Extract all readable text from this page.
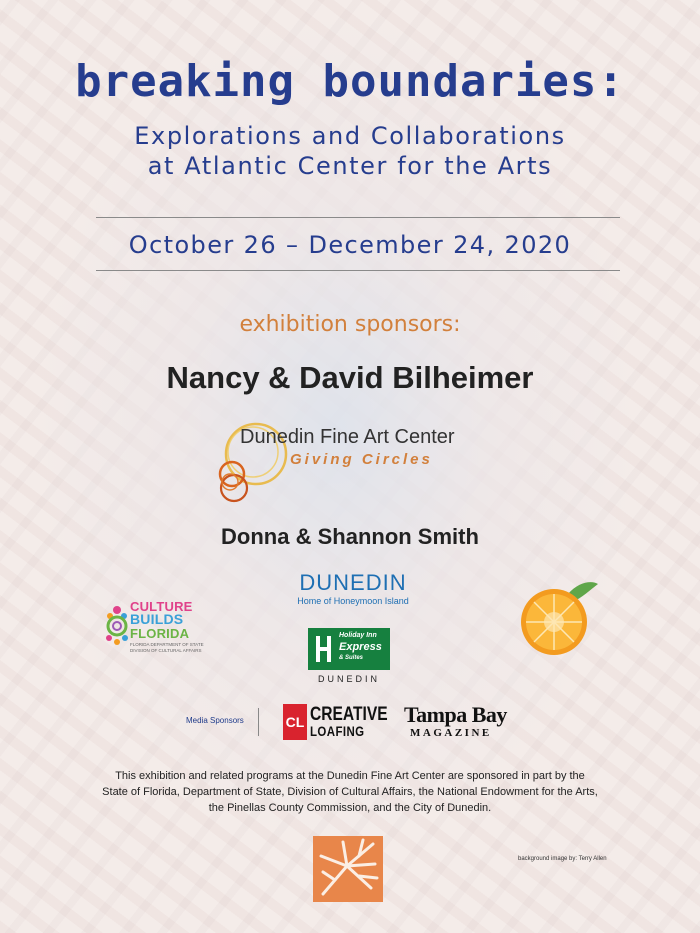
breaking boundaries:
Explorations and Collaborations
at Atlantic Center for the Arts
October 26 – December 24, 2020
exhibition sponsors:
Nancy & David Bilheimer
Dunedin Fine Art Center
Giving Circles
Donna & Shannon Smith
DUNEDIN
Home of Honeymoon Island
CULTURE
BUILDS
FLORIDA
FLORIDA DEPARTMENT OF STATE
DIVISION OF CULTURAL AFFAIRS
Holiday Inn
Express
& Suites
DUNEDIN
Media Sponsors	CL CREATIVE
LOAFING
Tampa Bay
MAGAZINE
This exhibition and related programs at the Dunedin Fine Art Center are sponsored in part by the
State of Florida, Department of State, Division of Cultural Affairs, the National Endowment for the Arts,
the Pinellas County Commission, and the City of Dunedin.
background image by: Terry Allen
